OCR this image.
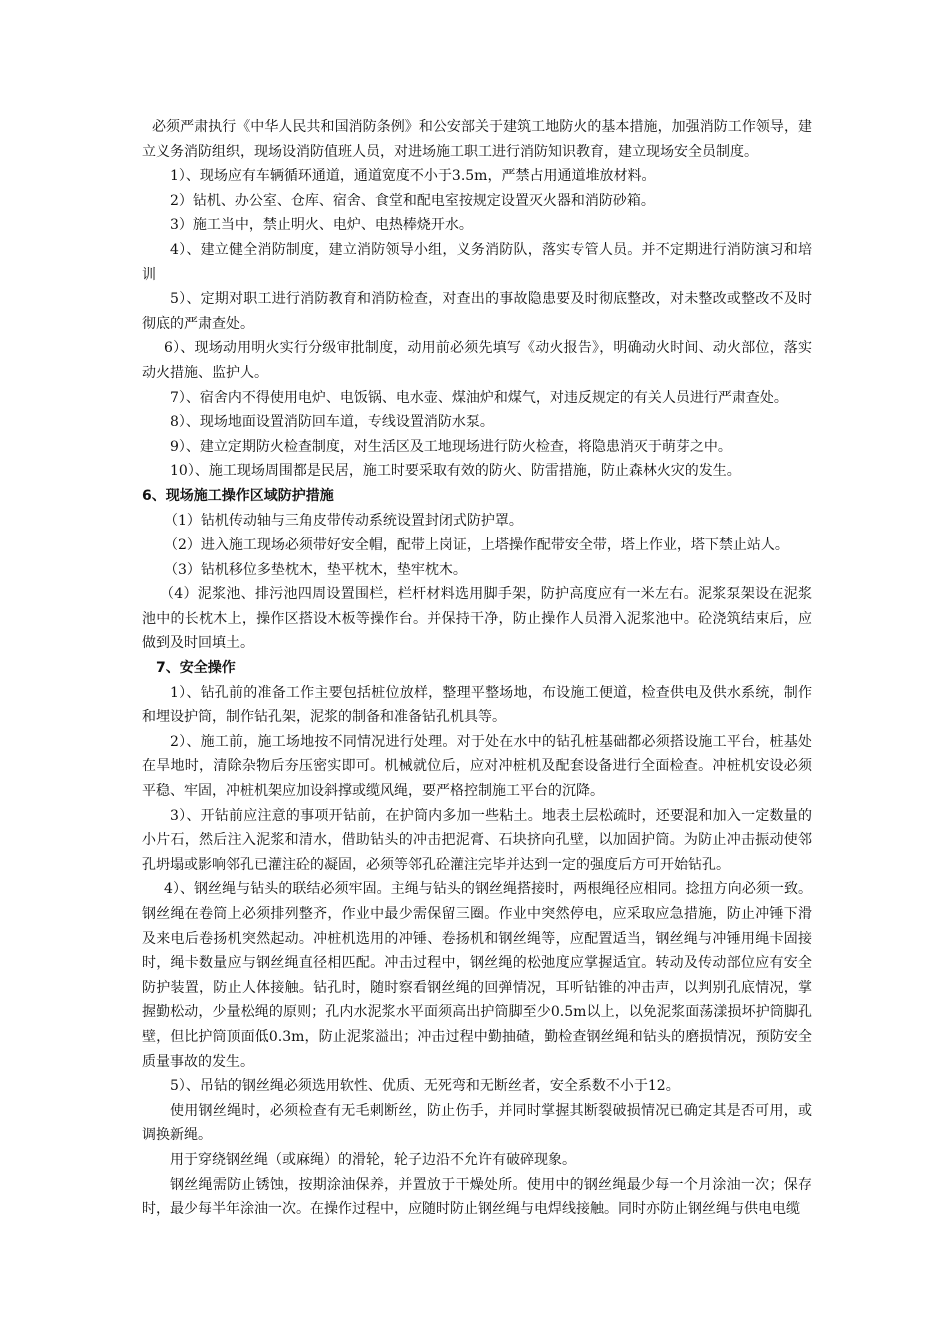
必须严肃执行《中华人民共和国消防条例》和公安部关于建筑工地防火的基本措施，加强消防工作领导，建立义务消防组织，现场设消防值班人员，对进场施工职工进行消防知识教育，建立现场安全员制度。

1）、现场应有车辆循环通道，通道宽度不小于3.5m，严禁占用通道堆放材料。

2）钻机、办公室、仓库、宿舍、食堂和配电室按规定设置灭火器和消防砂箱。

3）施工当中，禁止明火、电炉、电热棒烧开水。

4）、建立健全消防制度，建立消防领导小组，义务消防队，落实专管人员。并不定期进行消防演习和培训

5）、定期对职工进行消防教育和消防检查，对查出的事故隐患要及时彻底整改，对未整改或整改不及时彻底的严肃查处。

6）、现场动用明火实行分级审批制度，动用前必须先填写《动火报告》，明确动火时间、动火部位，落实动火措施、监护人。

7）、宿舍内不得使用电炉、电饭锅、电水壶、煤油炉和煤气，对违反规定的有关人员进行严肃查处。

8）、现场地面设置消防回车道，专线设置消防水泵。

9）、建立定期防火检查制度，对生活区及工地现场进行防火检查，将隐患消灭于萌芽之中。

10）、施工现场周围都是民居，施工时要采取有效的防火、防雷措施，防止森林火灾的发生。

6、现场施工操作区域防护措施

（1）钻机传动轴与三角皮带传动系统设置封闭式防护罩。

（2）进入施工现场必须带好安全帽，配带上岗证，上塔操作配带安全带，塔上作业，塔下禁止站人。

（3）钻机移位多垫枕木，垫平枕木，垫牢枕木。

（4）泥浆池、排污池四周设置围栏，栏杆材料选用脚手架，防护高度应有一米左右。泥浆泵架设在泥浆池中的长枕木上，操作区搭设木板等操作台。并保持干净，防止操作人员滑入泥浆池中。砼浇筑结束后，应做到及时回填土。

7、安全操作

1）、钻孔前的准备工作主要包括桩位放样，整理平整场地，布设施工便道，检查供电及供水系统，制作和埋设护筒，制作钻孔架，泥浆的制备和准备钻孔机具等。

2）、施工前，施工场地按不同情况进行处理。对于处在水中的钻孔桩基础都必须搭设施工平台，桩基处在旱地时，清除杂物后夯压密实即可。机械就位后，应对冲桩机及配套设备进行全面检查。冲桩机安设必须平稳、牢固，冲桩机架应加设斜撑或缆风绳，要严格控制施工平台的沉降。

3）、开钻前应注意的事项开钻前，在护筒内多加一些粘土。地表土层松疏时，还要混和加入一定数量的小片石，然后注入泥浆和清水，借助钻头的冲击把泥膏、石块挤向孔壁，以加固护筒。为防止冲击振动使邻孔坍塌或影响邻孔已灌注砼的凝固，必须等邻孔砼灌注完毕并达到一定的强度后方可开始钻孔。

4）、钢丝绳与钻头的联结必须牢固。主绳与钻头的钢丝绳搭接时，两根绳径应相同。捻扭方向必须一致。钢丝绳在卷筒上必须排列整齐，作业中最少需保留三圈。作业中突然停电，应采取应急措施，防止冲锤下滑及来电后卷扬机突然起动。冲桩机选用的冲锤、卷扬机和钢丝绳等，应配置适当，钢丝绳与冲锤用绳卡固接时，绳卡数量应与钢丝绳直径相匹配。冲击过程中，钢丝绳的松弛度应掌握适宜。转动及传动部位应有安全防护装置，防止人体接触。钻孔时，随时察看钢丝绳的回弹情况，耳听钻锥的冲击声，以判别孔底情况，掌握勤松动，少量松绳的原则；孔内水泥浆水平面须高出护筒脚至少0.5m以上，以免泥浆面荡漾损坏护筒脚孔壁，但比护筒顶面低0.3m，防止泥浆溢出；冲击过程中勤抽碴，勤检查钢丝绳和钻头的磨损情况，预防安全质量事故的发生。

5）、吊钻的钢丝绳必须选用软性、优质、无死弯和无断丝者，安全系数不小于12。

使用钢丝绳时，必须检查有无毛刺断丝，防止伤手，并同时掌握其断裂破损情况已确定其是否可用，或调换新绳。

用于穿绕钢丝绳（或麻绳）的滑轮，轮子边沿不允许有破碎现象。

钢丝绳需防止锈蚀，按期涂油保养，并置放于干燥处所。使用中的钢丝绳最少每一个月涂油一次；保存时，最少每半年涂油一次。在操作过程中，应随时防止钢丝绳与电焊线接触。同时亦防止钢丝绳与供电电缆
